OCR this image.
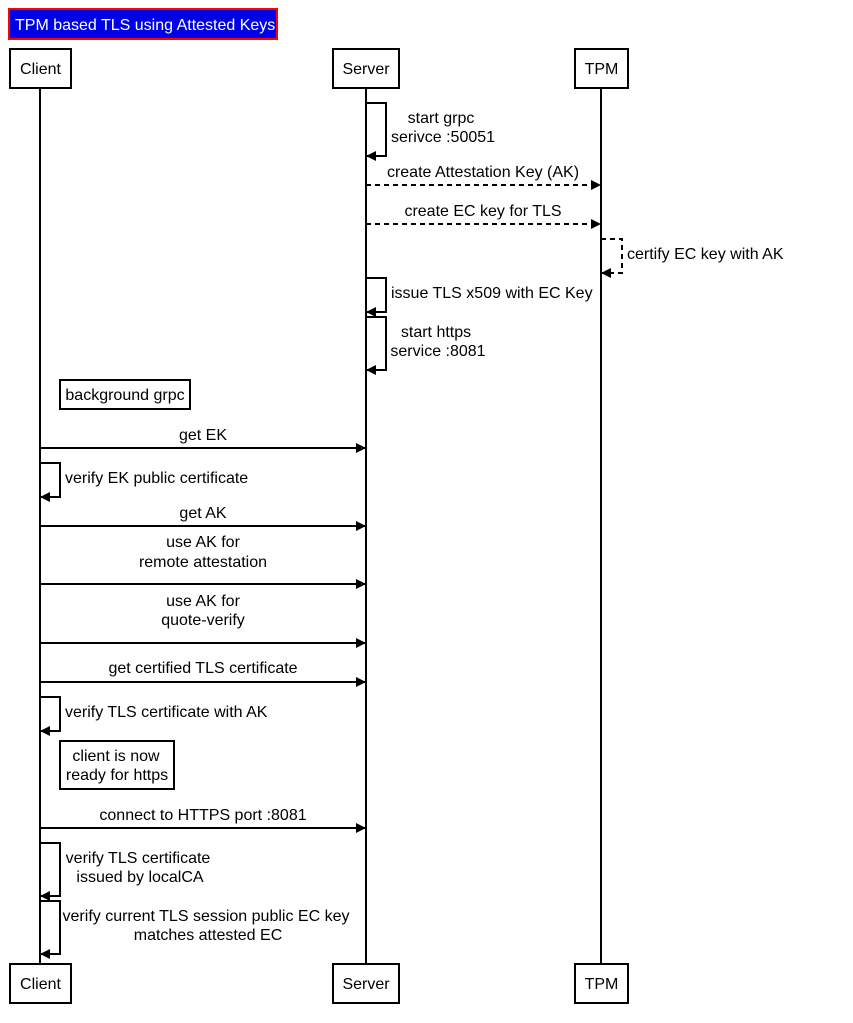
TPM based TLS using Attested Keys
Client	Server	TPM
Client	Server	TPM
start grpc
serivce :50051
create Attestation Key (AK)
create EC key for TLS
certify EC key with AK
issue TLS x509 with EC Key
start https
service :8081
background grpc
get EK
verify EK public certificate
get AK
use AK for
remote attestation
use AK for
quote-verify
get certified TLS certificate
verify TLS certificate with AK
client is now
ready for https
connect to HTTPS port :8081
verify TLS certificate
issued by localCA
verify current TLS session public EC key
matches attested EC
